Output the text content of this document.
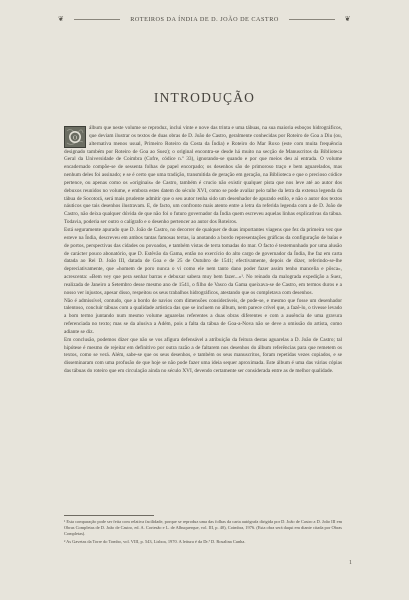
❦	ROTEIROS DA ÍNDIA DE D. JOÃO DE CASTRO	❦
INTRODUÇÃO
O

álbum que neste volume se reproduz, inclui vinte e nove das trinta e uma tábuas, na sua maioria esboços hidrográficos, que deviam ilustrar os textos de duas obras de D. João de Castro, geralmente conhecidas por Roteiro de Goa a Diu (ou, alternativa menos usual, Primeiro Roteiro da Costa da Índia) e Roteiro do Mar Roxo (este com muita frequência designado também por Roteiro de Goa ao Suez); o original encontra-se desde há muito na secção de Manuscritos da Biblioteca Geral da Universidade de Coimbra (Cofre, códice n.º 33), ignorando-se quando e por que meios deu aí entrada. O volume encadernado compõe-se de sessenta folhas de papel encorpado; os desenhos são de primoroso traço e bem aguarelados, mas nenhum deles foi assinado; e se é certo que uma tradição, transmitida de geração em geração, na Biblioteca e que o precioso códice pertence, ou apenas como os «originais» de Castro, também é crucio não existir qualquer pista que nos leve até ao autor dos debuxos reunidos no volume, e embora estes datem do século XVI, como se pode avaliar pelo talhe da letra da extensa legenda da tábua de Socotorá, será mais prudente admitir que o seu autor tenha sido um desenhador de apurado estilo, e não o autor dos textos náuticos que tais desenhos ilustravam. E, de facto, um confronto mais atento entre a letra da referida legenda com a de D. João de Castro, não deixa qualquer dúvida de que não foi o futuro governador da Índia quem escreveu aquelas linhas explicativas da tábua. Todavia, poderia ser outro o calígrafo e o desenho pertencer ao autor dos Roteiros.

Está seguramente apurado que D. João de Castro, no decorrer de qualquer de duas importantes viagens que fez da primeira vez que esteve na Índia, descreveu em ambos tantas famosas terras, ia anotando a bordo representações gráficas da configuração de baías e de portos, perspectivas das cidades ou povoados, e também vistas de terra tomadas do mar. O facto é testemunhado por uma alusão de carácter pouco abonatório, que D. Estêvão da Gama, então no exercício do alto cargo de governador da Índia, lhe faz em carta datada ao Rei D. João III, datada de Goa e de 25 de Outubro de 1541; efectivamente, depois de dizer, referindo-se-lhe depreciativamente, que «homem de poro nunca o vi como ele nem tanto dano poder fazer assim tenho mancelia e pôsca», acrescenta: «Bem vey que pera senhar barras e debuxar sabera muy bem fazer...»¹. No reinado da malograda expedição a Suez, realizada de Janeiro a Setembro desse mesmo ano de 1541, o filho de Vasco da Gama queixava-se de Castro, em termos duros e a nosso ver injustos, apesar disso, respeitou os seus trabalhos hidrográficos, atestando que os completava com desenhos.

Não é admissível, contudo, que a bordo de navios com dimensões consideráveis, de pode-se, e mesmo que fosse um desenhador talentoso, concluir tábuas com a qualidade artística das que se incluem no álbum, nem parece crível que, a fazê-lo, o tivesse levado a bom termo juntando num mesmo volume aguarelas referentes a duas obras diferentes e com a ausência de uma gravura referenciada no texto; mas se da alusiva a Adém, pois a falta da tábua de Goa-a-Nova não se deve a omissão do artista, como adiante se diz.

Em conclusão, podemos dizer que não se vos afigura defensável a atribuição da feitura destas aguarelas a D. João de Castro; tal hipótese é mesmo de rejeitar em definitivo por outra razão a de faltarem nos desenhos do álbum referências para que remetem os textos, como se verá. Além, sabe-se que os seus desenhos, e também os seus manuscritos, foram repetidas vezes copiados, e se disseminaram com uma profusão de que hoje se não pode fazer uma ideia sequer aproximada. Este álbum é uma das várias cópias das tábuas do roteiro que em circulação ainda no século XVI, devendo certamente ser considerada entre as de melhor qualidade.

¹ Esta comparação pode ser feita com relativa facilidade, porque se reproduz uma das folhas da carta autógrafa dirigida por D. João de Castro a D. João III em Obras Completas de D. João de Castro, ed. A. Cortesão e L. de Albuquerque, vol. III, p. 40), Coimbra, 1976. (Esta obra será daqui em diante citada por Obras Completas).

² As Gavetas da Torre do Tombo, vol. VIII, p. 543, Lisboa, 1970. A leitura é da Dr.ª D. Rosalina Cunha.

1
